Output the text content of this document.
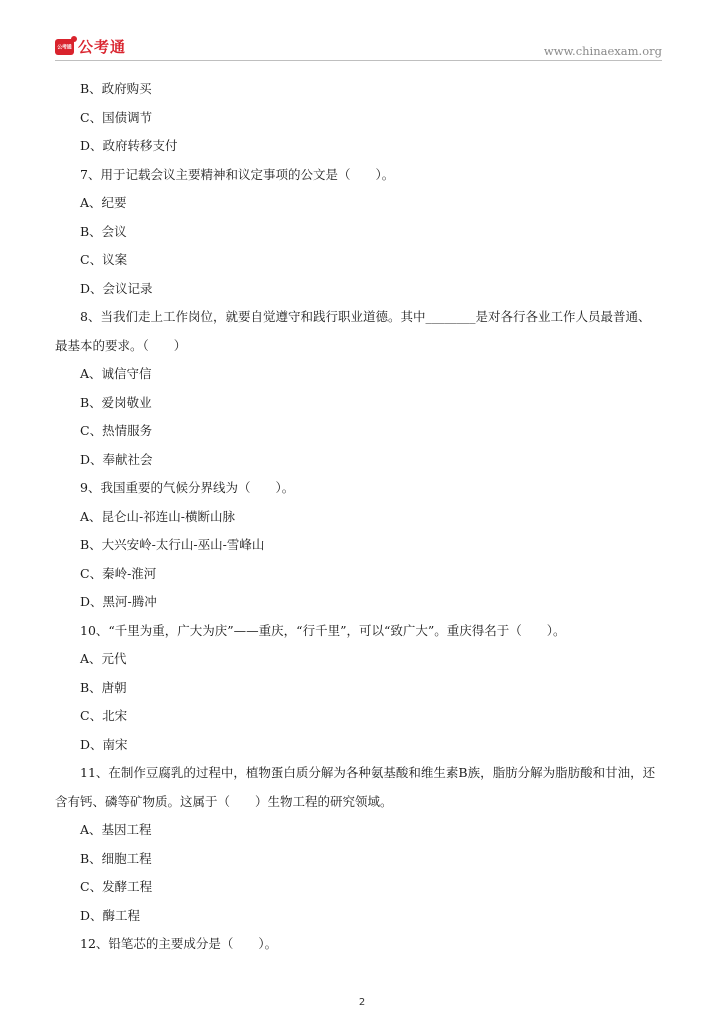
公考通 公考通	www.chinaexam.org
B、政府购买
C、国债调节
D、政府转移支付
7、用于记载会议主要精神和议定事项的公文是（　　）。
A、纪要
B、会议
C、议案
D、会议记录
8、当我们走上工作岗位，就要自觉遵守和践行职业道德。其中________是对各行各业工作人员最普通、
最基本的要求。（　　）
A、诚信守信
B、爱岗敬业
C、热情服务
D、奉献社会
9、我国重要的气候分界线为（　　）。
A、昆仑山-祁连山-横断山脉
B、大兴安岭-太行山-巫山-雪峰山
C、秦岭-淮河
D、黑河-腾冲
10、“千里为重，广大为庆”——重庆，“行千里”，可以“致广大”。重庆得名于（　　）。
A、元代
B、唐朝
C、北宋
D、南宋
11、在制作豆腐乳的过程中，植物蛋白质分解为各种氨基酸和维生素B族，脂肪分解为脂肪酸和甘油，还
含有钙、磷等矿物质。这属于（　　）生物工程的研究领域。
A、基因工程
B、细胞工程
C、发酵工程
D、酶工程
12、铅笔芯的主要成分是（　　）。
2
